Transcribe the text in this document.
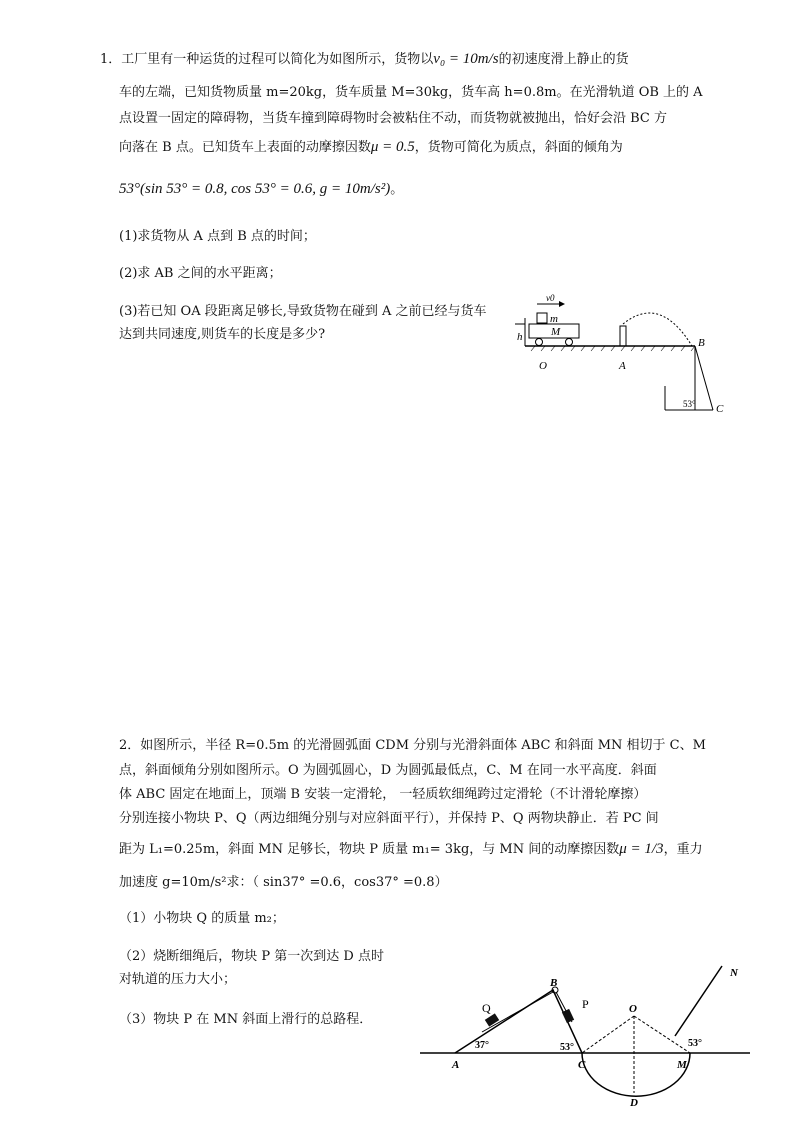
1．工厂里有一种运货的过程可以简化为如图所示，货物以v₀ = 10m/s的初速度滑上静止的货
车的左端，已知货物质量 m=20kg，货车质量 M=30kg，货车高 h=0.8m。在光滑轨道 OB 上的 A
点设置一固定的障碍物，当货车撞到障碍物时会被粘住不动，而货物就被抛出，恰好会沿 BC 方
向落在 B 点。已知货车上表面的动摩擦因数μ = 0.5，货物可简化为质点，斜面的倾角为
53°(sin 53° = 0.8, cos 53° = 0.6, g = 10m/s²)。
(1)求货物从 A 点到 B 点的时间；
(2)求 AB 之间的水平距离；
(3)若已知 OA 段距离足够长,导致货物在碰到 A 之前已经与货车
达到共同速度,则货车的长度是多少?
v0
m
M
h
53°
O	A
B
C
2．如图所示，半径 R=0.5m 的光滑圆弧面 CDM 分别与光滑斜面体 ABC 和斜面 MN 相切于 C、M
点，斜面倾角分别如图所示。O 为圆弧圆心，D 为圆弧最低点，C、M 在同一水平高度．斜面
体 ABC 固定在地面上，顶端 B 安装一定滑轮， 一轻质软细绳跨过定滑轮（不计滑轮摩擦）
分别连接小物块 P、Q（两边细绳分别与对应斜面平行），并保持 P、Q 两物块静止．若 PC 间
距为 L₁=0.25m，斜面 MN 足够长，物块 P 质量 m₁= 3kg，与 MN 间的动摩擦因数μ = 1/3，重力
加速度 g=10m/s²求：（ sin37° =0.6，cos37° =0.8）
（1）小物块 Q 的质量 m₂；
（2）烧断细绳后，物块 P 第一次到达 D 点时
对轨道的压力大小；
（3）物块 P 在 MN 斜面上滑行的总路程．
37°	53°	53°
Q	P
A
B
C
D
O
M
N
